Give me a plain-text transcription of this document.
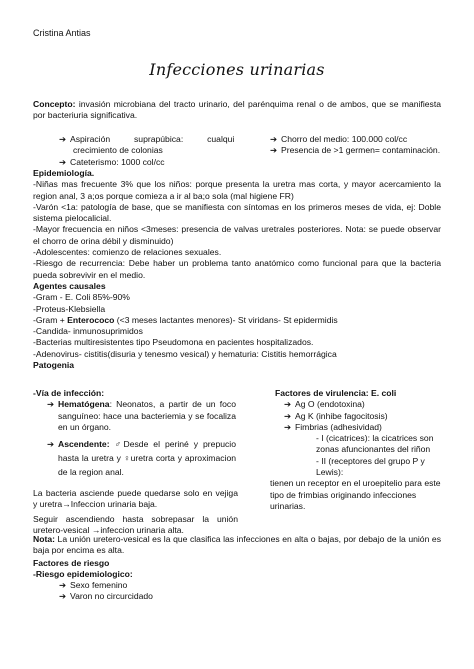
Cristina Antias
Infecciones urinarias
Concepto: invasión microbiana del tracto urinario, del parénquima renal o de ambos, que se manifiesta por bacteriuria significativa.
➔ Aspiración          suprapúbica:          cualqui
crecimiento de colonias
➔ Cateterismo: 1000 col/cc
➔ Chorro del medio: 100.000 col/cc
➔ Presencia de >1 germen= contaminación.
Epidemiología.
-Niñas mas frecuente 3% que los niños: porque presenta la uretra mas corta, y mayor acercamiento la region anal, 3 a;os porque comieza a ir al ba;o sola (mal higiene FR)
-Varón <1a: patología de base, que se manifiesta con síntomas en los primeros meses de vida, ej: Doble sistema pielocalicial.
-Mayor frecuencia en niños <3meses: presencia de valvas uretrales posteriores. Nota: se puede observar el chorro de orina débil y disminuido)
-Adolescentes: comienzo de relaciones sexuales.
-Riesgo de recurrencia: Debe haber un problema tanto anatómico como funcional para que la bacteria pueda sobrevivir en el medio.
Agentes causales
-Gram - E. Coli 85%-90%
-Proteus-Klebsiella
-Gram + Enterococo (<3 meses lactantes menores)- St viridans- St epidermidis
-Candida- inmunosuprimidos
-Bacterias multiresistentes tipo Pseudomona en pacientes hospitalizados.
-Adenovirus- cistitis(disuria y tenesmo vesical) y hematuria: Cistitis hemorrágica
Patogenia
-Vía de infección:
➔ Hematógena: Neonatos, a partir de un foco sanguíneo: hace una bacteriemia y se focaliza en un órgano.
➔ Ascendente: ♂Desde el periné y prepucio hasta la uretra y ♀uretra corta y aproximacion de la region anal.
La bacteria asciende puede quedarse solo en vejiga y uretra→Infeccion urinaria baja.
Seguir ascendiendo hasta sobrepasar la unión uretero-vesical →infeccion urinaria alta.
Factores de virulencia: E. coli
➔ Ag O (endotoxina)
➔ Ag K (inhibe fagocitosis)
➔ Fimbrias (adhesividad)
- I (cicatrices): la cicatrices son zonas afuncionantes del riñon
- II (receptores del grupo P y Lewis):
tienen un receptor en el uroepitelio para este tipo de frimbias originando infecciones urinarias.
Nota: La unión uretero-vesical es la que clasifica las infecciones en alta o bajas, por debajo de la unión es baja por encima es alta.
Factores de riesgo
-Riesgo epidemiologico:
➔ Sexo femenino
➔ Varon no circurcidado
